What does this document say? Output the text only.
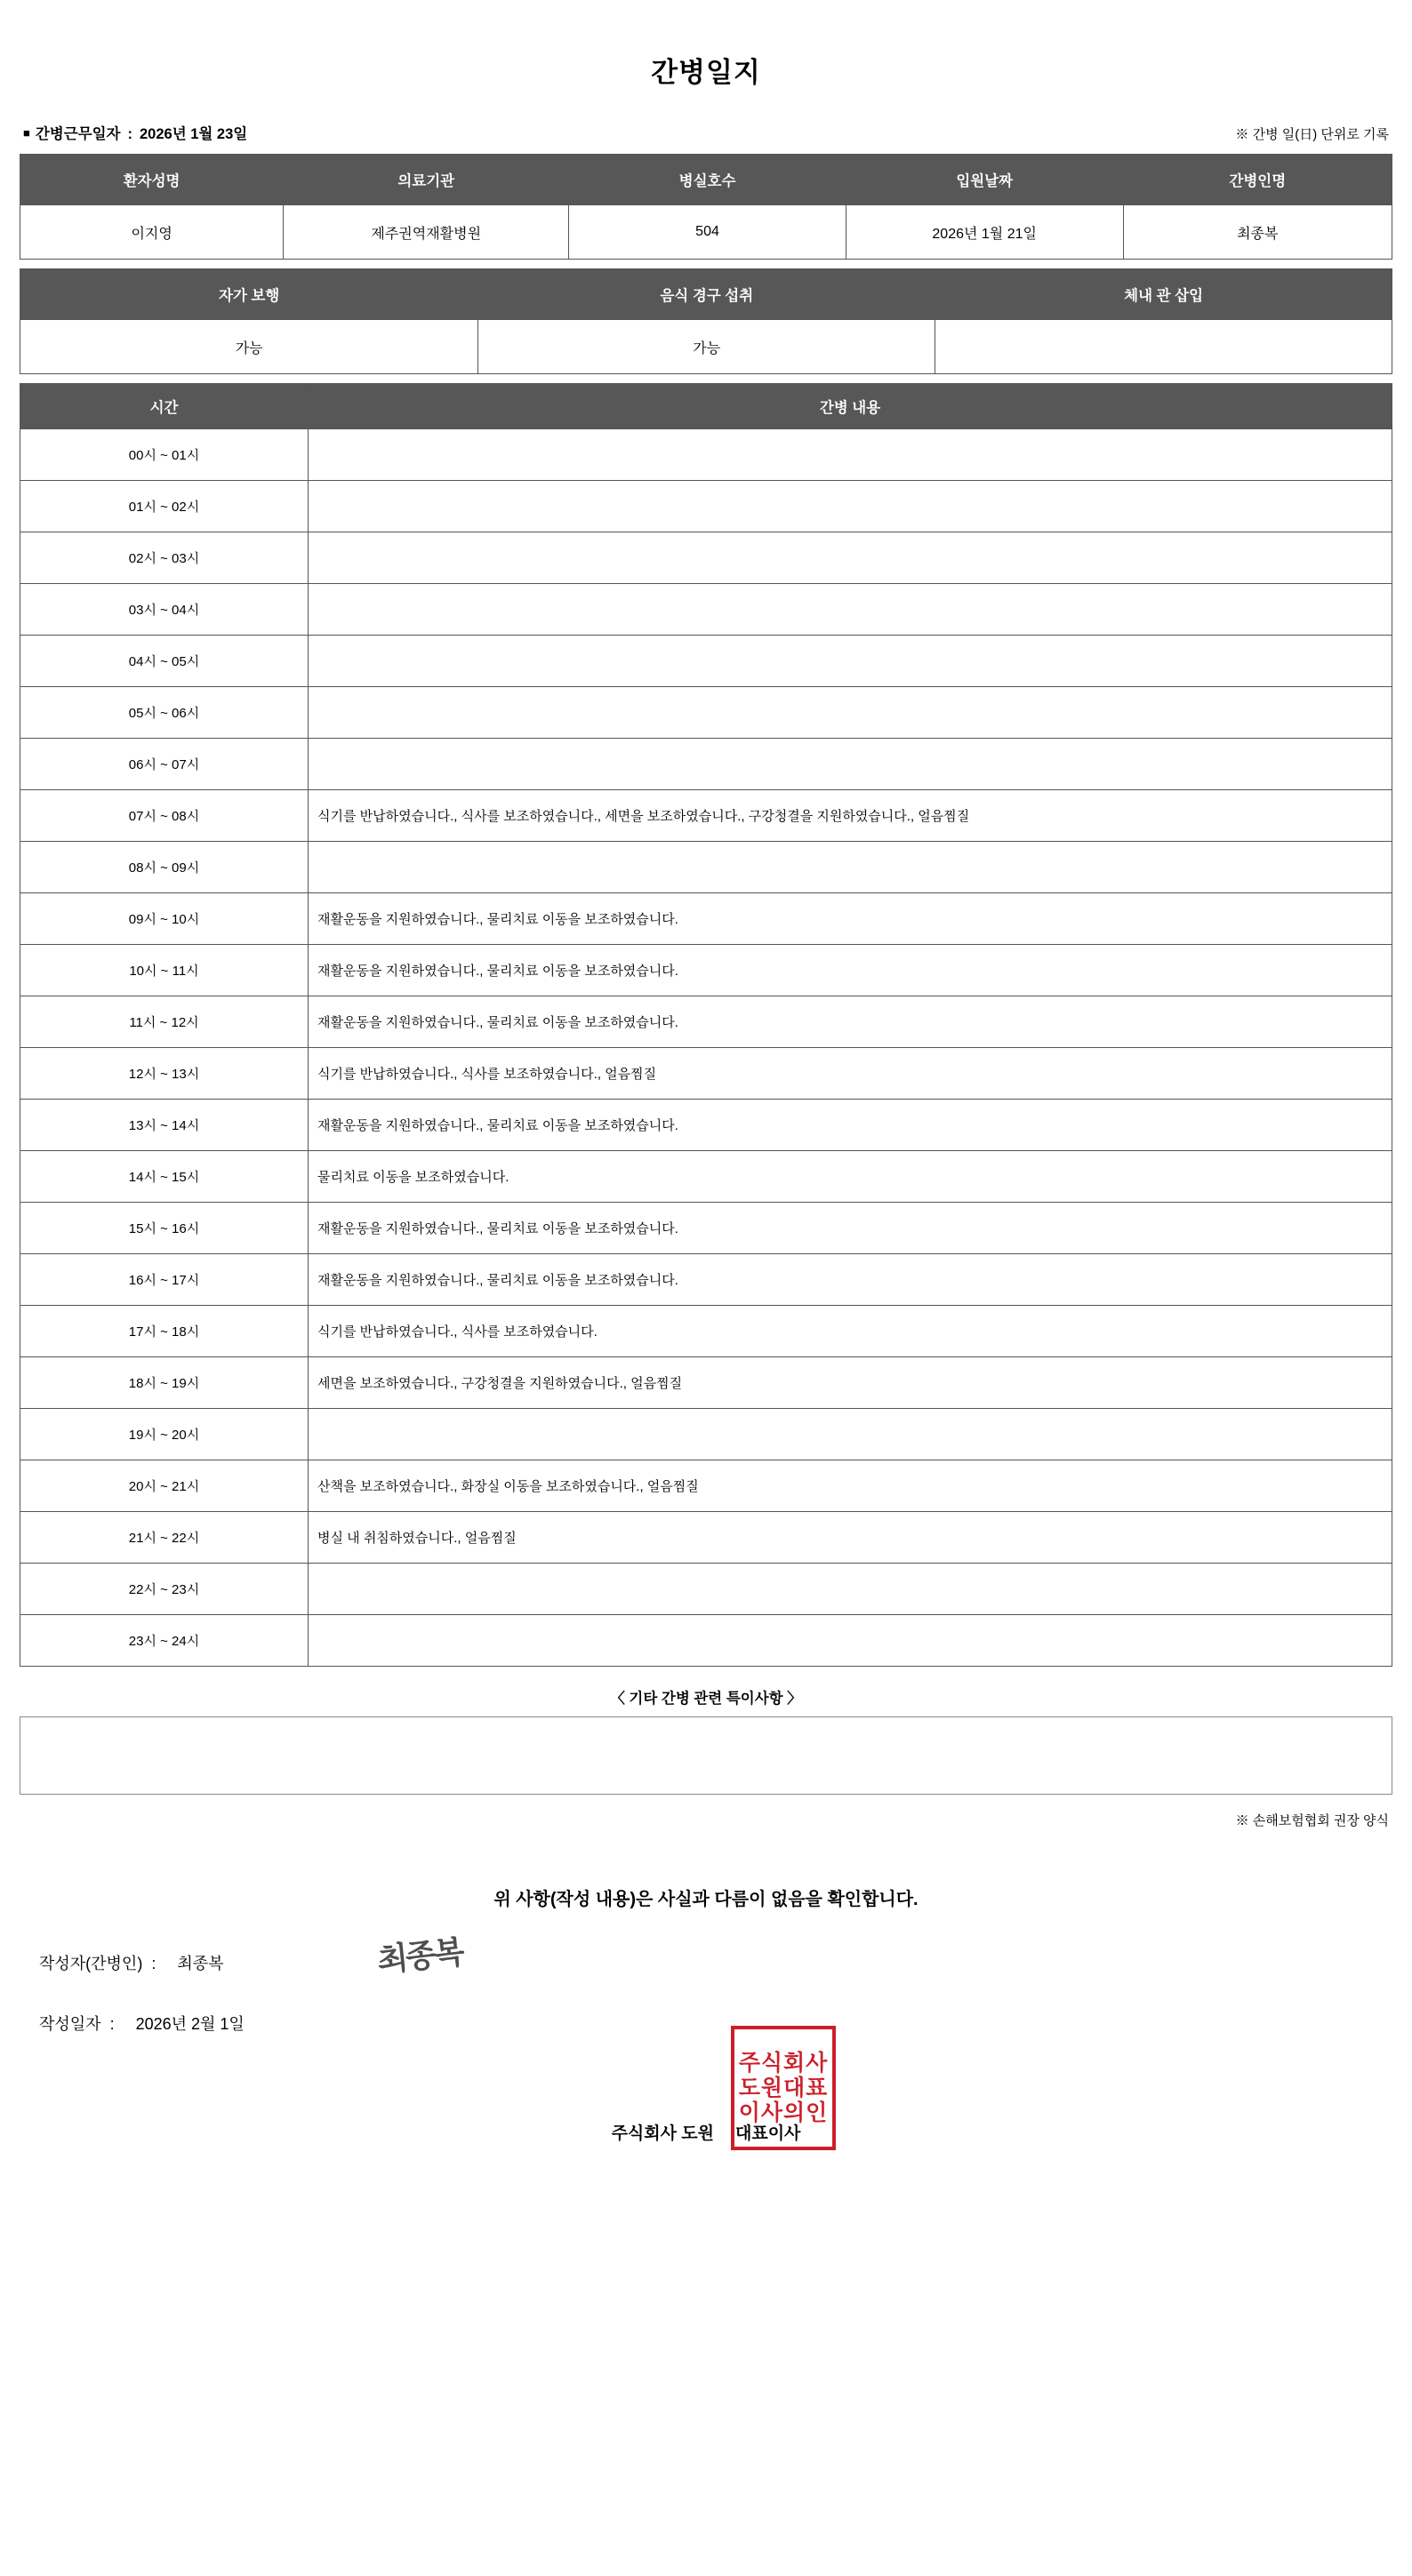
간병일지
■ 간병근무일자 : 2026년 1월 23일	※ 간병 일(日) 단위로 기록
환자성명	의료기관	병실호수	입원날짜	간병인명
이지영	제주권역재활병원	504	2026년 1월 21일	최종복
자가 보행	음식 경구 섭취	체내 관 삽입
가능	가능	
시간	간병 내용
00시 ~ 01시	
01시 ~ 02시	
02시 ~ 03시	
03시 ~ 04시	
04시 ~ 05시	
05시 ~ 06시	
06시 ~ 07시	
07시 ~ 08시	식기를 반납하였습니다., 식사를 보조하였습니다., 세면을 보조하였습니다., 구강청결을 지원하였습니다., 얼음찜질
08시 ~ 09시	
09시 ~ 10시	재활운동을 지원하였습니다., 물리치료 이동을 보조하였습니다.
10시 ~ 11시	재활운동을 지원하였습니다., 물리치료 이동을 보조하였습니다.
11시 ~ 12시	재활운동을 지원하였습니다., 물리치료 이동을 보조하였습니다.
12시 ~ 13시	식기를 반납하였습니다., 식사를 보조하였습니다., 얼음찜질
13시 ~ 14시	재활운동을 지원하였습니다., 물리치료 이동을 보조하였습니다.
14시 ~ 15시	물리치료 이동을 보조하였습니다.
15시 ~ 16시	재활운동을 지원하였습니다., 물리치료 이동을 보조하였습니다.
16시 ~ 17시	재활운동을 지원하였습니다., 물리치료 이동을 보조하였습니다.
17시 ~ 18시	식기를 반납하였습니다., 식사를 보조하였습니다.
18시 ~ 19시	세면을 보조하였습니다., 구강청결을 지원하였습니다., 얼음찜질
19시 ~ 20시	
20시 ~ 21시	산책을 보조하였습니다., 화장실 이동을 보조하였습니다., 얼음찜질
21시 ~ 22시	병실 내 취침하였습니다., 얼음찜질
22시 ~ 23시	
23시 ~ 24시	
〈 기타 간병 관련 특이사항 〉
※ 손해보험협회 권장 양식
위 사항(작성 내용)은 사실과 다름이 없음을 확인합니다.
작성자(간병인) : 최종복	최종복
작성일자 : 2026년 2월 1일
주식회사 도원 대표이사
주식회사
도원대표
이사의인
